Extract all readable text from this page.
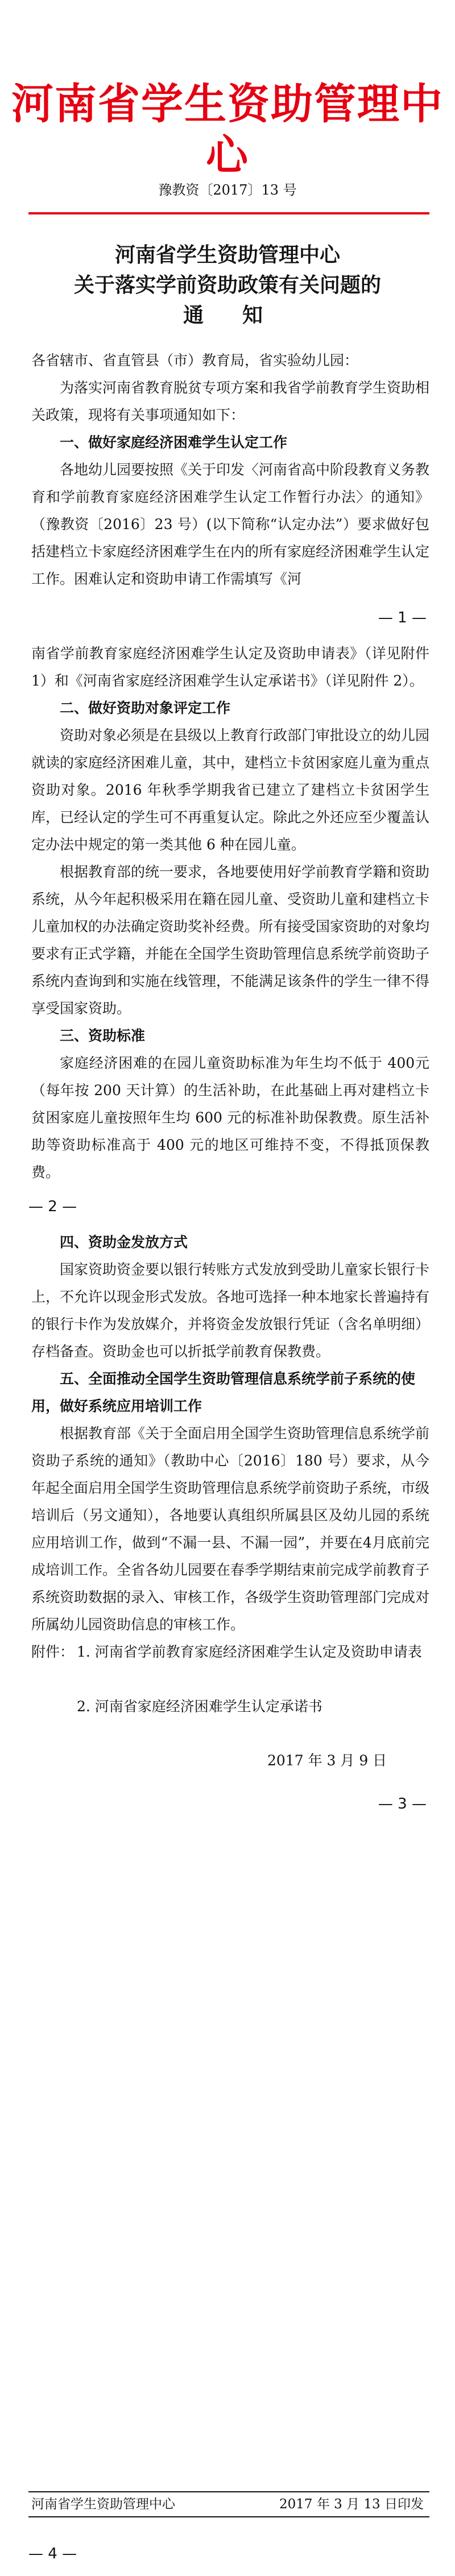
河南省学生资助管理中心
豫教资〔2017〕13 号
河南省学生资助管理中心
关于落实学前资助政策有关问题的
通　知
各省辖市、省直管县（市）教育局，省实验幼儿园：
为落实河南省教育脱贫专项方案和我省学前教育学生资助相关政策，现将有关事项通知如下：
一、做好家庭经济困难学生认定工作
各地幼儿园要按照《关于印发〈河南省高中阶段教育义务教育和学前教育家庭经济困难学生认定工作暂行办法〉的通知》（豫教资〔2016〕23 号）(以下简称“认定办法”）要求做好包括建档立卡家庭经济困难学生在内的所有家庭经济困难学生认定工作。困难认定和资助申请工作需填写《河
— 1 —
南省学前教育家庭经济困难学生认定及资助申请表》（详见附件 1）和《河南省家庭经济困难学生认定承诺书》（详见附件 2）。
二、做好资助对象评定工作
资助对象必须是在县级以上教育行政部门审批设立的幼儿园就读的家庭经济困难儿童，其中，建档立卡贫困家庭儿童为重点资助对象。2016 年秋季学期我省已建立了建档立卡贫困学生库，已经认定的学生可不再重复认定。除此之外还应至少覆盖认定办法中规定的第一类其他 6 种在园儿童。
根据教育部的统一要求，各地要使用好学前教育学籍和资助系统，从今年起积极采用在籍在园儿童、受资助儿童和建档立卡儿童加权的办法确定资助奖补经费。所有接受国家资助的对象均要求有正式学籍，并能在全国学生资助管理信息系统学前资助子系统内查询到和实施在线管理，不能满足该条件的学生一律不得享受国家资助。
三、资助标准
家庭经济困难的在园儿童资助标准为年生均不低于 400元（每年按 200 天计算）的生活补助，在此基础上再对建档立卡贫困家庭儿童按照年生均 600 元的标准补助保教费。原生活补助等资助标准高于 400 元的地区可维持不变，不得抵顶保教费。
— 2 —
四、资助金发放方式
国家资助资金要以银行转账方式发放到受助儿童家长银行卡上，不允许以现金形式发放。各地可选择一种本地家长普遍持有的银行卡作为发放媒介，并将资金发放银行凭证（含名单明细）存档备查。资助金也可以折抵学前教育保教费。
五、全面推动全国学生资助管理信息系统学前子系统的使用，做好系统应用培训工作
根据教育部《关于全面启用全国学生资助管理信息系统学前资助子系统的通知》（教助中心〔2016〕180 号）要求，从今年起全面启用全国学生资助管理信息系统学前资助子系统，市级培训后（另文通知），各地要认真组织所属县区及幼儿园的系统应用培训工作，做到“不漏一县、不漏一园”，并要在4月底前完成培训工作。全省各幼儿园要在春季学期结束前完成学前教育子系统资助数据的录入、审核工作，各级学生资助管理部门完成对所属幼儿园资助信息的审核工作。
附件： 1. 河南省学前教育家庭经济困难学生认定及资助申请表
2. 河南省家庭经济困难学生认定承诺书
2017 年 3 月 9 日
— 3 —
河南省学生资助管理中心	2017 年 3 月 13 日印发
— 4 —
